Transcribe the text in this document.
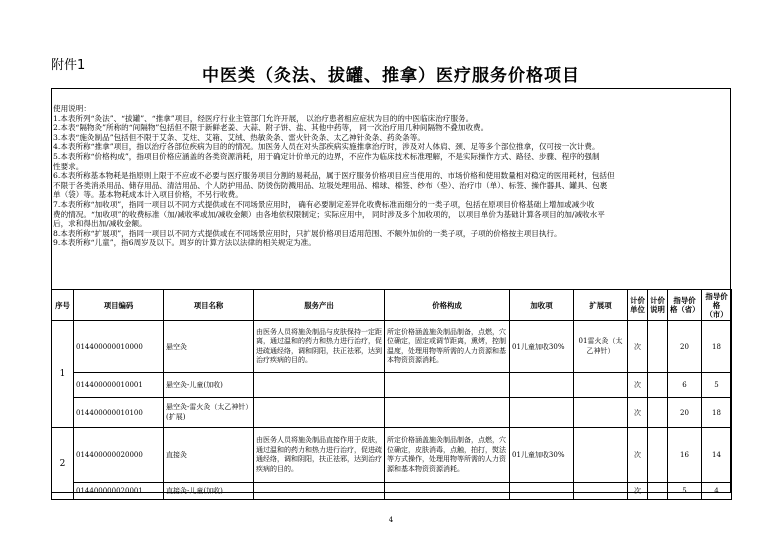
附件1
中医类（灸法、拔罐、推拿）医疗服务价格项目
使用说明：
1.本表所列“灸法”、“拔罐”、“推拿”项目，经医疗行业主管部门允许开展， 以治疗患者相应症状为目的的中医临床治疗服务。
2.本表“隔物灸”所称的“间隔物”包括但不限于新鲜老姜、大蒜、附子饼、盐、其他中药等， 同一次治疗用几种间隔物不叠加收费。
3.本表“施灸制品”包括但不限于艾条、艾炷、艾箱、艾绒、热敏灸条、雷火针灸条、太乙神针灸条、药灸条等。
4.本表所称“推拿”项目，指以治疗各部位疾病为目的的情况。加医务人员在对头部疾病实施推拿治疗时，涉及对人体肩、颈、足等多个部位推拿，仅可按一次计费。
5.本表所称“价格构成”，指项目价格应涵盖的各类资源消耗，用于确定计价单元的边界，不应作为临床技术标准理解，不是实际操作方式、路径、步骤、程序的强制
性要求。
6.本表所称基本物耗是指原则上限于不应或不必要与医疗服务项目分割的易耗品，属于医疗服务价格项目应当使用的、市场价格和使用数量相对稳定的医用耗材，包括但
不限于各类消杀用品、储存用品、清洁用品、个人防护用品、防烫伤防溅用品、垃圾处理用品、棉球、棉签、纱布（垫）、治疗巾（单）、标签、操作器具、罐具、包裹
单（袋）等。基本物耗成本计入项目价格，不另行收费。
7.本表所称“加收项”，指同一项目以不同方式提供或在不同场景应用时， 确有必要制定差异化收费标准而细分的一类子项，包括在原项目价格基础上增加或减少收
费的情况。“加收项”的收费标准（加/减收率或加/减收金额）由各地依权限制定；实际应用中， 同时涉及多个加收项的， 以项目单价为基础计算各项目的加/减收水平
后，求和得出加/减收金额。
8.本表所称“扩展项”，指同一项目以不同方式提供或在不同场景应用时，只扩展价格项目适用范围、不额外加价的一类子项，子项的价格按主项目执行。
9.本表所称“儿童”，指6周岁及以下。周岁的计算方法以法律的相关规定为准。
序号	项目编码	项目名称	服务产出	价格构成	加收项	扩展项	计价单位	计价说明	指导价格（省）	指导价格（市）
1	014400000010000	悬空灸	由医务人员将施灸制品与皮肤保持一定距离，通过温和的药力和热力进行治疗，促进疏通经络，调和阴阳，扶正祛邪，达到治疗疾病的目的。	所定价格涵盖施灸制品制备，点燃，穴位确定，固定或调节距离，熏烤，控制温度，处理用物等所需的人力资源和基本物资资源消耗。	01儿童加收30%	01雷火灸（太乙神针）	次		20	18
	014400000010001	悬空灸-儿童(加收)					次		6	5
	014400000010100	悬空灸-雷火灸（太乙神针）(扩展)					次		20	18
2	014400000020000	直接灸	由医务人员将施灸制品直接作用于皮肤，通过温和的药力和热力进行治疗，促进疏通经络，调和阴阳，扶正祛邪，达到治疗疾病的目的。	所定价格涵盖施灸制品制备，点燃，穴位确定，皮肤消毒，点触，拍打，熨法等方式操作，处理用物等所需的人力资源和基本物资资源消耗。	01儿童加收30%		次		16	14
	014400000020001	直接灸-儿童(加收)					次		5	4
4
